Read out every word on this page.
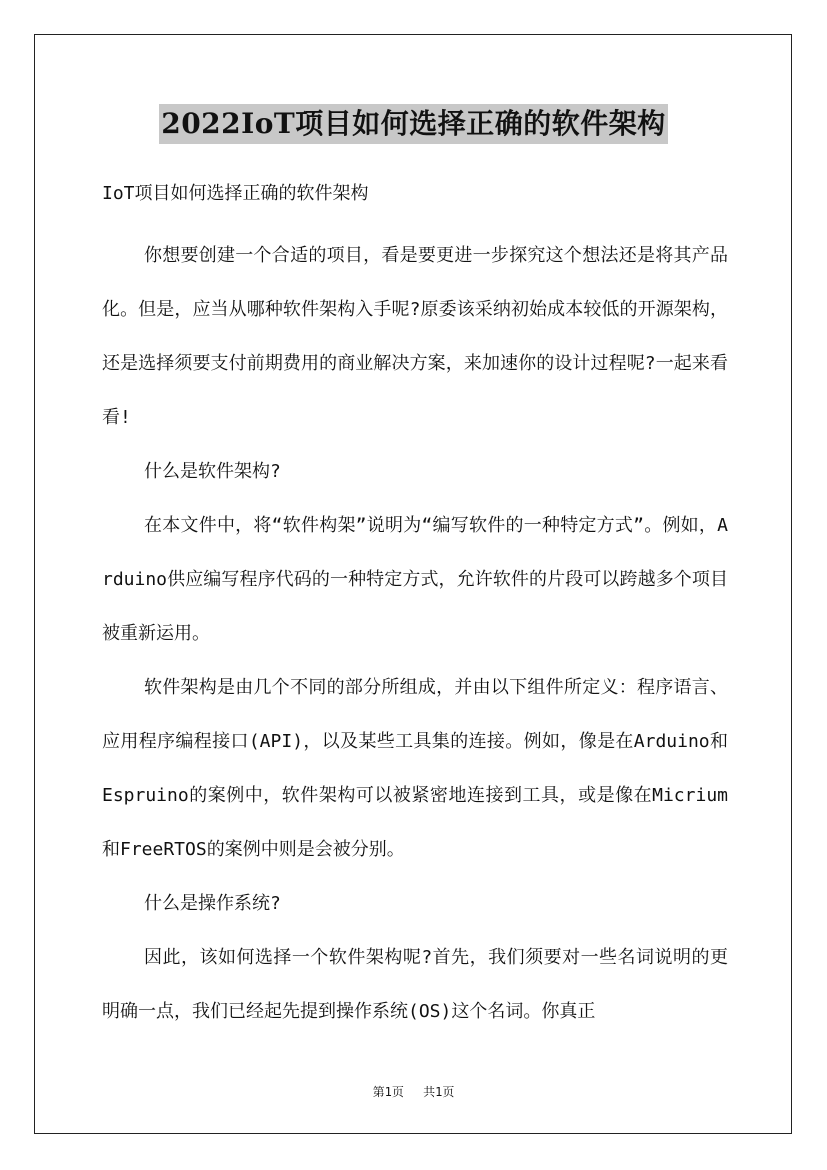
2022IoT项目如何选择正确的软件架构
IoT项目如何选择正确的软件架构

你想要创建一个合适的项目，看是要更进一步探究这个想法还是将其产品化。但是，应当从哪种软件架构入手呢?原委该采纳初始成本较低的开源架构，还是选择须要支付前期费用的商业解决方案，来加速你的设计过程呢?一起来看看!

什么是软件架构?

在本文件中，将“软件构架”说明为“编写软件的一种特定方式”。例如，Arduino供应编写程序代码的一种特定方式，允许软件的片段可以跨越多个项目被重新运用。

软件架构是由几个不同的部分所组成，并由以下组件所定义：程序语言、应用程序编程接口(API)，以及某些工具集的连接。例如，像是在Arduino和Espruino的案例中，软件架构可以被紧密地连接到工具，或是像在Micrium和FreeRTOS的案例中则是会被分别。

什么是操作系统?

因此，该如何选择一个软件架构呢?首先，我们须要对一些名词说明的更明确一点，我们已经起先提到操作系统(OS)这个名词。你真正

第1页 共1页
